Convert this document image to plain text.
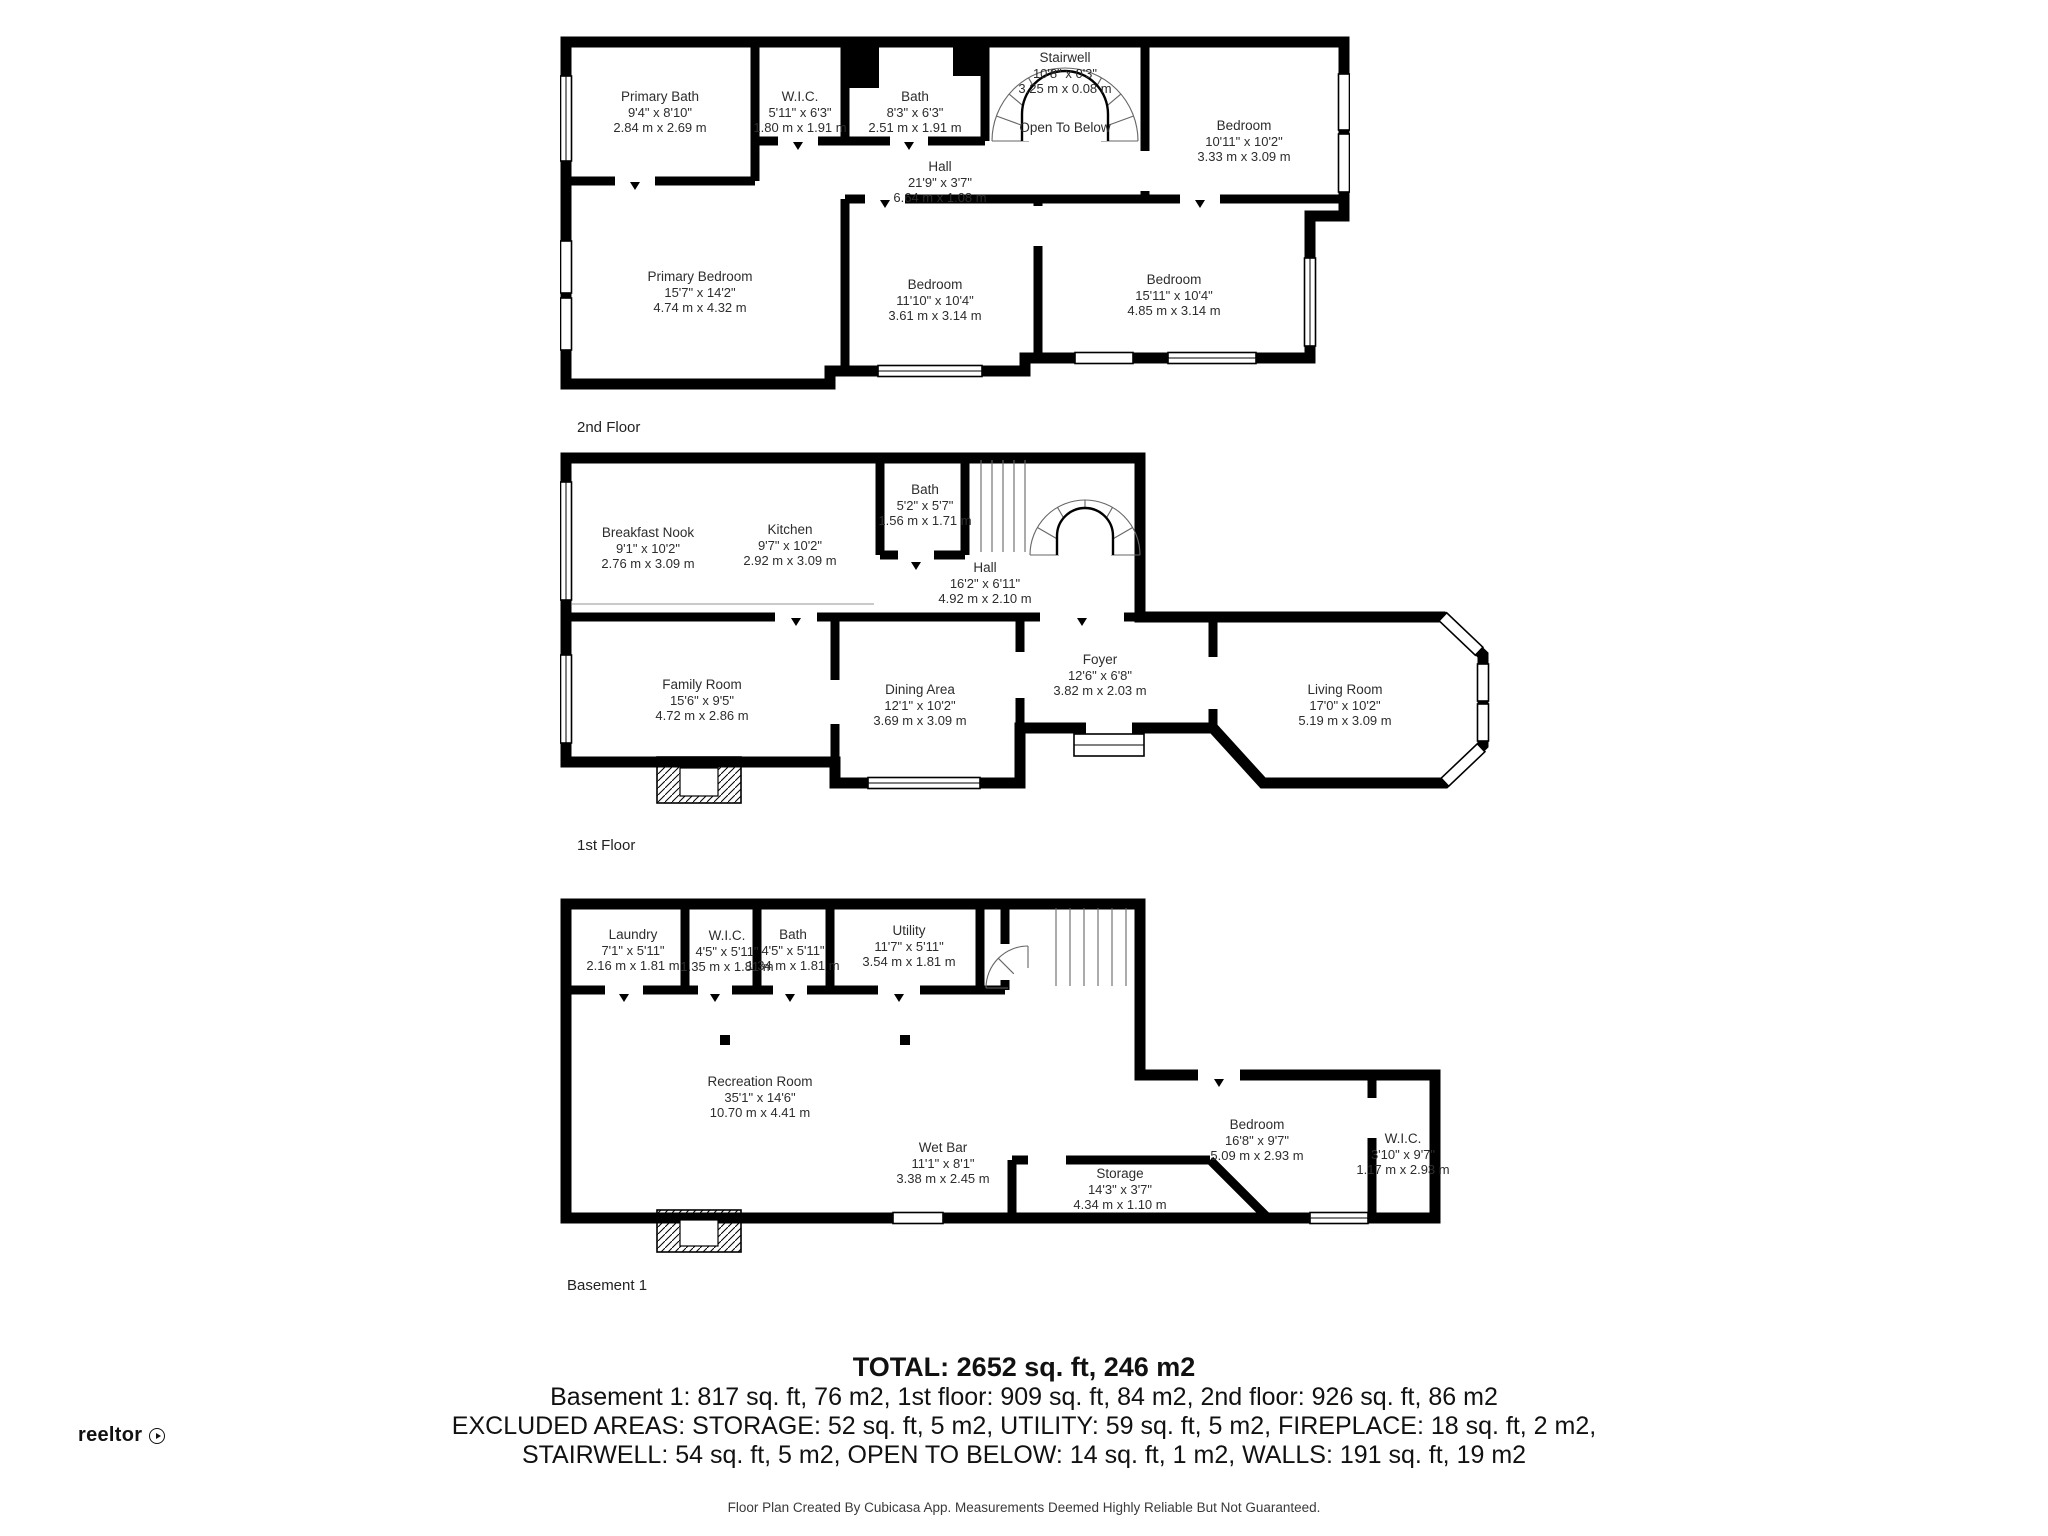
Primary Bath
9'4" x 8'10"
2.84 m x 2.69 m
W.I.C.
5'11" x 6'3"
1.80 m x 1.91 m
Bath
8'3" x 6'3"
2.51 m x 1.91 m
Stairwell
10'8" x 0'3"
3.25 m x 0.08 m
Open To Below	Bedroom
10'11" x 10'2"
3.33 m x 3.09 m
Hall
21'9" x 3'7"
6.64 m x 1.08 m
Primary Bedroom
15'7" x 14'2"
4.74 m x 4.32 m
Bedroom
11'10" x 10'4"
3.61 m x 3.14 m
Bedroom
15'11" x 10'4"
4.85 m x 3.14 m
Breakfast Nook
9'1" x 10'2"
2.76 m x 3.09 m
Kitchen
9'7" x 10'2"
2.92 m x 3.09 m
Bath
5'2" x 5'7"
1.56 m x 1.71 m
Hall
16'2" x 6'11"
4.92 m x 2.10 m
Family Room
15'6" x 9'5"
4.72 m x 2.86 m
Dining Area
12'1" x 10'2"
3.69 m x 3.09 m
Foyer
12'6" x 6'8"
3.82 m x 2.03 m	Living Room
17'0" x 10'2"
5.19 m x 3.09 m
Laundry
7'1" x 5'11"
2.16 m x 1.81 m
W.I.C.
4'5" x 5'11"
1.35 m x 1.81 m
Bath
4'5" x 5'11"
1.34 m x 1.81 m
Utility
11'7" x 5'11"
3.54 m x 1.81 m
Recreation Room
35'1" x 14'6"
10.70 m x 4.41 m
Wet Bar
11'1" x 8'1"
3.38 m x 2.45 m	Storage
14'3" x 3'7"
4.34 m x 1.10 m
Bedroom
16'8" x 9'7"
5.09 m x 2.93 m
W.I.C.
3'10" x 9'7"
1.17 m x 2.93 m
2nd Floor
1st Floor
Basement 1
TOTAL: 2652 sq. ft, 246 m2
Basement 1: 817 sq. ft, 76 m2, 1st floor: 909 sq. ft, 84 m2, 2nd floor: 926 sq. ft, 86 m2
EXCLUDED AREAS: STORAGE: 52 sq. ft, 5 m2, UTILITY: 59 sq. ft, 5 m2, FIREPLACE: 18 sq. ft, 2 m2,
STAIRWELL: 54 sq. ft, 5 m2, OPEN TO BELOW: 14 sq. ft, 1 m2, WALLS: 191 sq. ft, 19 m2
Floor Plan Created By Cubicasa App. Measurements Deemed Highly Reliable But Not Guaranteed.
reeltor
